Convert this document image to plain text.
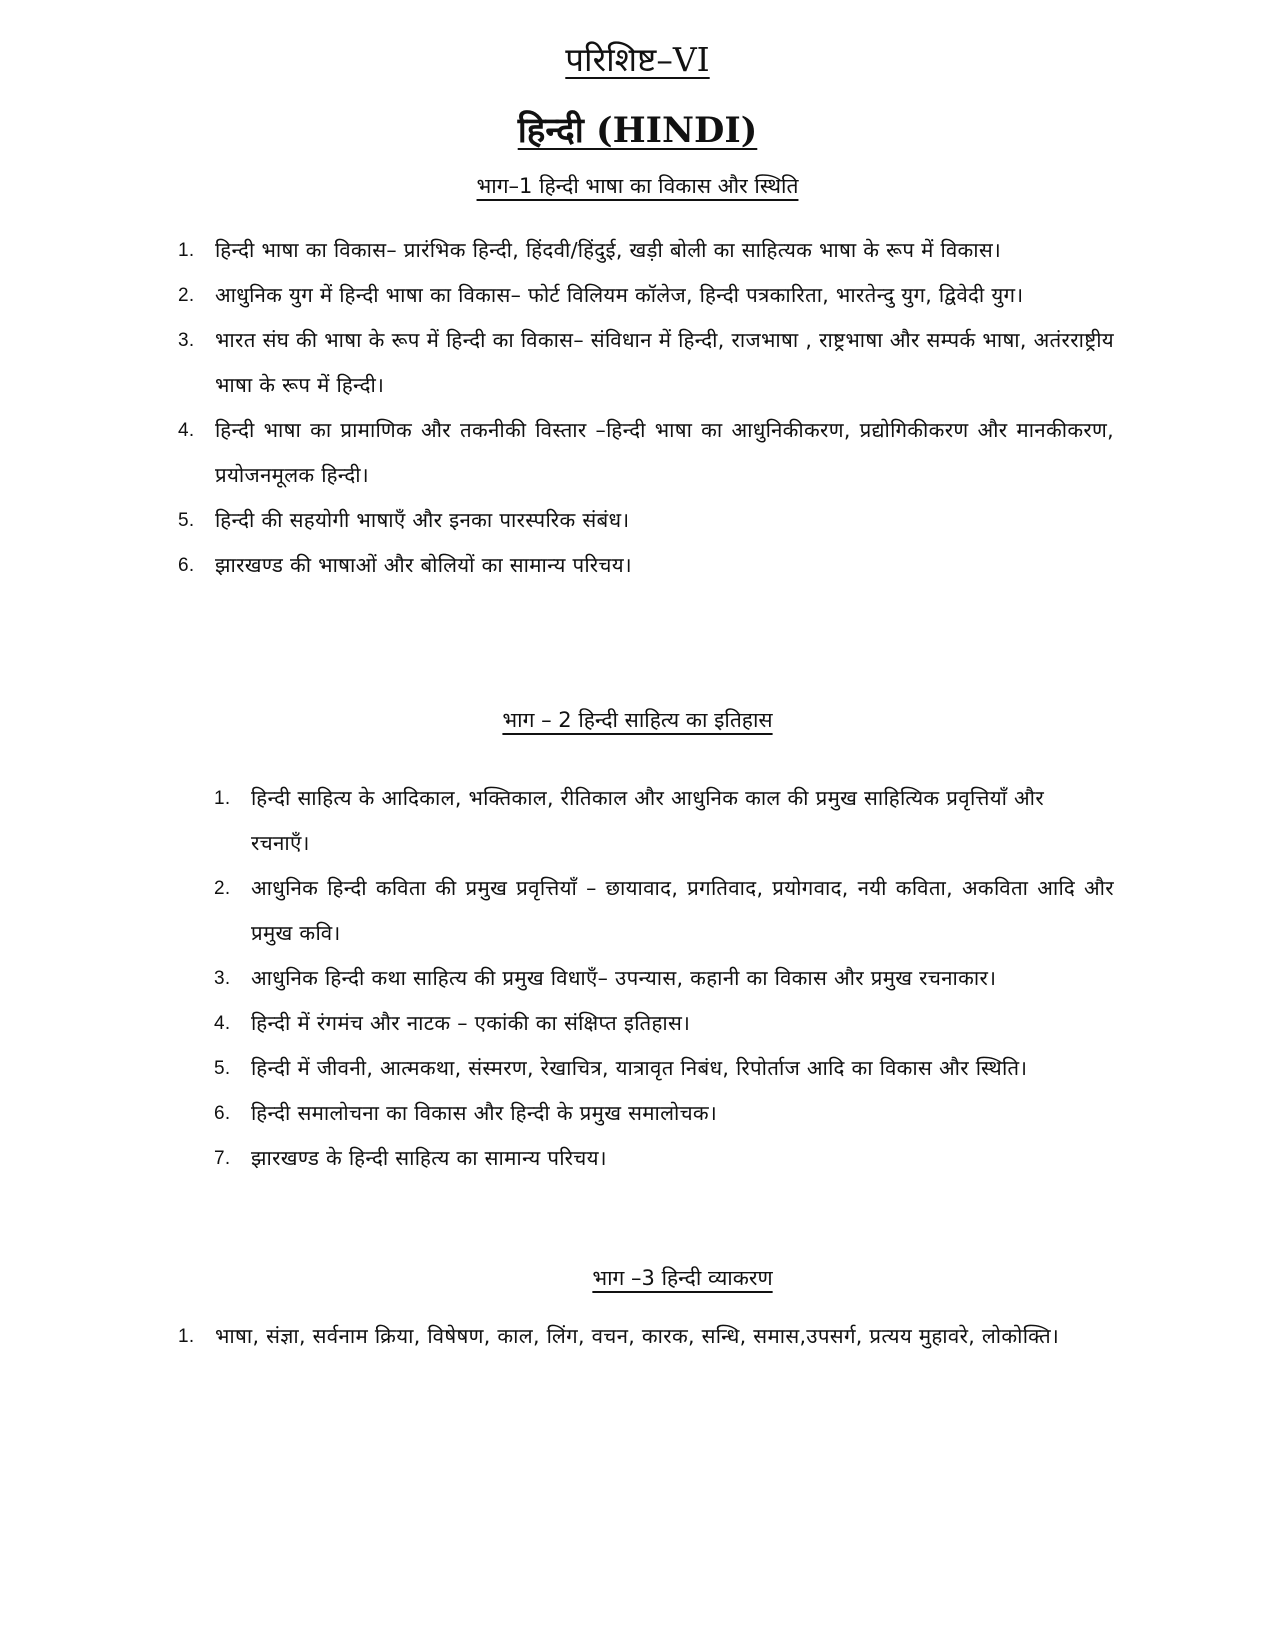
परिशिष्ट–VI
हिन्दी (HINDI)
भाग–1 हिन्दी भाषा का विकास और स्थिति
1. हिन्दी भाषा का विकास– प्रारंभिक हिन्दी, हिंदवी/हिंदुई, खड़ी बोली का साहित्यक भाषा के रूप में विकास।
2. आधुनिक युग में हिन्दी भाषा का विकास– फोर्ट विलियम कॉलेज, हिन्दी पत्रकारिता, भारतेन्दु युग, द्विवेदी युग।
3. भारत संघ की भाषा के रूप में हिन्दी का विकास– संविधान में हिन्दी, राजभाषा , राष्ट्रभाषा और सम्पर्क भाषा, अतंरराष्ट्रीय भाषा के रूप में हिन्दी।
4. हिन्दी भाषा का प्रामाणिक और तकनीकी विस्तार –हिन्दी भाषा का आधुनिकीकरण, प्रद्योगिकीकरण और मानकीकरण, प्रयोजनमूलक हिन्दी।
5. हिन्दी की सहयोगी भाषाएँ और इनका पारस्परिक संबंध।
6. झारखण्ड की भाषाओं और बोलियों का सामान्य परिचय।
भाग – 2 हिन्दी साहित्य का इतिहास
1. हिन्दी साहित्य के आदिकाल, भक्तिकाल, रीतिकाल और आधुनिक काल की प्रमुख साहित्यिक प्रवृत्तियाँ और रचनाएँ।
2. आधुनिक हिन्दी कविता की प्रमुख प्रवृत्तियाँ – छायावाद, प्रगतिवाद, प्रयोगवाद, नयी कविता, अकविता आदि और प्रमुख कवि।
3. आधुनिक हिन्दी कथा साहित्य की प्रमुख विधाएँ– उपन्यास, कहानी का विकास और प्रमुख रचनाकार।
4. हिन्दी में रंगमंच और नाटक – एकांकी का संक्षिप्त इतिहास।
5. हिन्दी में जीवनी, आत्मकथा, संस्मरण, रेखाचित्र, यात्रावृत निबंध, रिपोर्ताज आदि का विकास और स्थिति।
6. हिन्दी समालोचना का विकास और हिन्दी के प्रमुख समालोचक।
7. झारखण्ड के हिन्दी साहित्य का सामान्य परिचय।
भाग –3 हिन्दी व्याकरण
1. भाषा, संज्ञा, सर्वनाम क्रिया, विषेषण, काल, लिंग, वचन, कारक, सन्धि, समास,उपसर्ग, प्रत्यय मुहावरे, लोकोक्ति।
